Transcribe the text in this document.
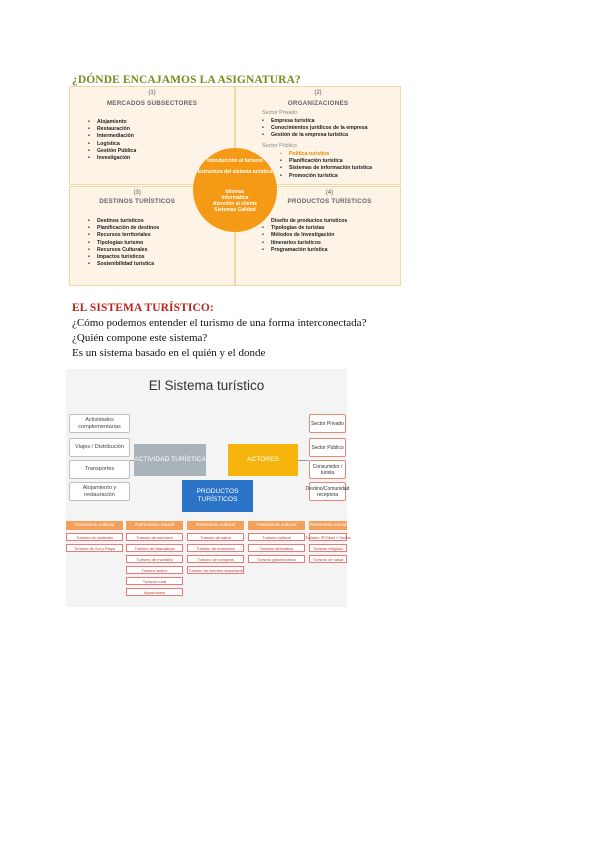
¿DÓNDE ENCAJAMOS LA ASIGNATURA?
(1)
MERCADOS SUBSECTORES
• Alojamiento
• Restauración
• Intermediación
• Logística
• Gestión Pública
• Investigación
(2)
ORGANIZACIONES
Sector Privado
• Empresa turística
• Conocimientos jurídicos de la empresa
• Gestión de la empresa turística
Sector Público
• Política turística
• Planificación turística
• Sistemas de información turística
• Promoción turística
(3)
DESTINOS TURÍSTICOS
• Destinos turísticos
• Planificación de destinos
• Recursos territoriales
• Tipologías turismo
• Recursos Culturales
• Impactos turísticos
• Sostenibilidad turística
(4)
PRODUCTOS TURÍSTICOS
• Diseño de productos turísticos
• Tipologías de turistas
• Métodos de Investigación
• Itinerarios turísticos
• Programación turística
Introducción al turismo
Estructura del sistema turístico
Idiomas
Informática
Atención al cliente
Sistemas Calidad
EL SISTEMA TURÍSTICO:
¿Cómo podemos entender el turismo de una forma interconectada?
¿Quién compone este sistema?
Es un sistema basado en el quién y el donde
El Sistema turístico
Actividades complementarias
Viajes / Distribución
Transportes
Alojamiento y restauración
Sector Privado
Sector Público
Consumidor / turista
Destino/Comunidad receptora
ACTIVIDAD TURÍSTICA	ACTORES
PRODUCTOS TURÍSTICOS
Patrimonio cultural
Turismo de ciudades
Turismo de Sol y Playa
Patrimonio natural
Turismo de aventura
Turismo de Naturaleza
Turismo de montaña
Turismo activo
Turismo rural
Agroturismo
Patrimonio cultural
Turismo de salud
Turismo de reuniones
Turismo de compras
Turismo de eventos deportivos
Patrimonio cultural
Turismo cultural
Turismo idiomático
Turismo gastronómico
Patrimonio social
Turismo 3ª Edad + Senior
Turismo religioso
Turismo de salud
